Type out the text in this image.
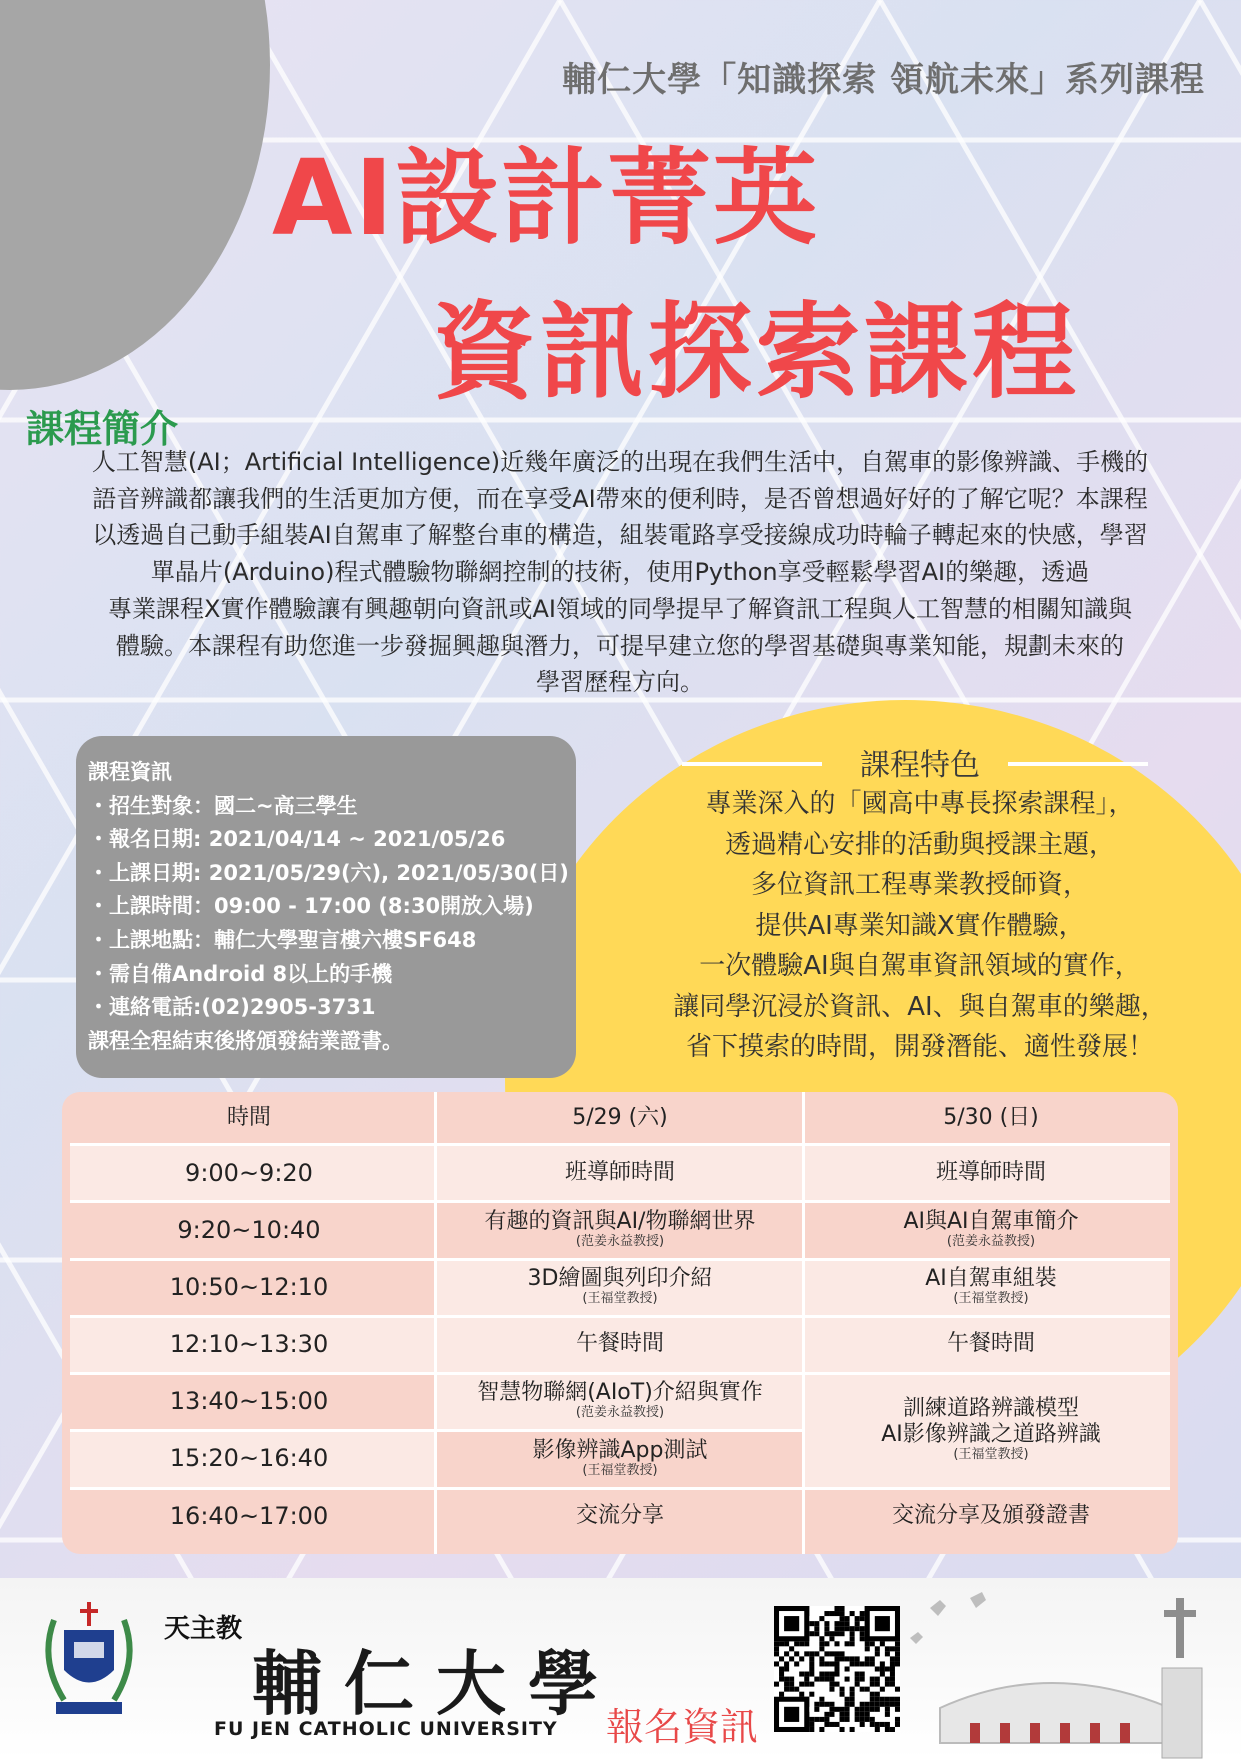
輔仁大學「知識探索 領航未來」系列課程
AI設計菁英
資訊探索課程
課程簡介
人工智慧(AI；Artificial Intelligence)近幾年廣泛的出現在我們生活中，自駕車的影像辨識、手機的
語音辨識都讓我們的生活更加方便，而在享受AI帶來的便利時，是否曾想過好好的了解它呢？本課程
以透過自己動手組裝AI自駕車了解整台車的構造，組裝電路享受接線成功時輪子轉起來的快感，學習
單晶片(Arduino)程式體驗物聯網控制的技術，使用Python享受輕鬆學習AI的樂趣，透過
專業課程X實作體驗讓有興趣朝向資訊或AI領域的同學提早了解資訊工程與人工智慧的相關知識與
體驗。本課程有助您進一步發掘興趣與潛力，可提早建立您的學習基礎與專業知能，規劃未來的
學習歷程方向。
課程資訊
・招生對象：國二~高三學生
・報名日期: 2021/04/14 ~ 2021/05/26
・上課日期: 2021/05/29(六), 2021/05/30(日)
・上課時間：09:00 - 17:00 (8:30開放入場)
・上課地點：輔仁大學聖言樓六樓SF648
・需自備Android 8以上的手機
・連絡電話:(02)2905-3731
課程全程結束後將頒發結業證書。
課程特色
專業深入的「國高中專長探索課程」，
透過精心安排的活動與授課主題，
多位資訊工程專業教授師資，
提供AI專業知識X實作體驗，
一次體驗AI與自駕車資訊領域的實作，
讓同學沉浸於資訊、AI、與自駕車的樂趣，
省下摸索的時間，開發潛能、適性發展！
時間	5/29 (六)	5/30 (日)
9:00~9:20
9:20~10:40
10:50~12:10
12:10~13:30
13:40~15:00
15:20~16:40
16:40~17:00
班導師時間
有趣的資訊與AI/物聯網世界
(范姜永益教授)
3D繪圖與列印介紹
(王福堂教授)
午餐時間
智慧物聯網(AIoT)介紹與實作
(范姜永益教授)
影像辨識App測試
(王福堂教授)
交流分享
班導師時間
AI與AI自駕車簡介
(范姜永益教授)
AI自駕車組裝
(王福堂教授)
午餐時間
訓練道路辨識模型
AI影像辨識之道路辨識
(王福堂教授)
交流分享及頒發證書
天主教
輔仁大學
FU JEN CATHOLIC UNIVERSITY 報名資訊
